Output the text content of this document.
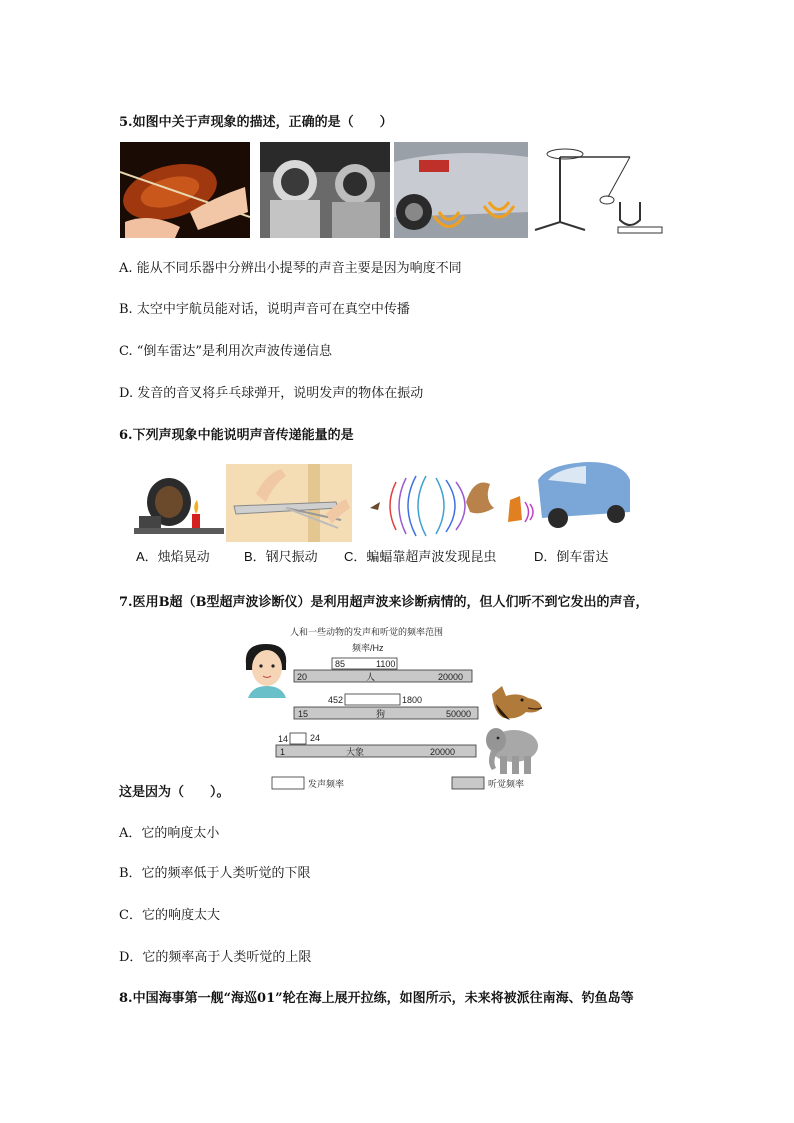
5.如图中关于声现象的描述，正确的是（　　）
A. 能从不同乐器中分辨出小提琴的声音主要是因为响度不同
B. 太空中宇航员能对话，说明声音可在真空中传播
C. “倒车雷达”是利用次声波传递信息
D. 发音的音叉将乒乓球弹开，说明发声的物体在振动
6.下列声现象中能说明声音传递能量的是
A．烛焰晃动	B．钢尺振动 C．蝙蝠靠超声波发现昆虫	D．倒车雷达
7.医用B超（B型超声波诊断仪）是利用超声波来诊断病情的，但人们听不到它发出的声音，
人和一些动物的发声和听觉的频率范围
频率/Hz
85	1100
20	人	20000
452	1800
15	狗	50000
14 24
1	大象	20000
发声频率	听觉频率
这是因为（　　）。
A．它的响度太小
B．它的频率低于人类听觉的下限
C．它的响度太大
D．它的频率高于人类听觉的上限
8.中国海事第一舰“海巡01”轮在海上展开拉练，如图所示，未来将被派往南海、钓鱼岛等
